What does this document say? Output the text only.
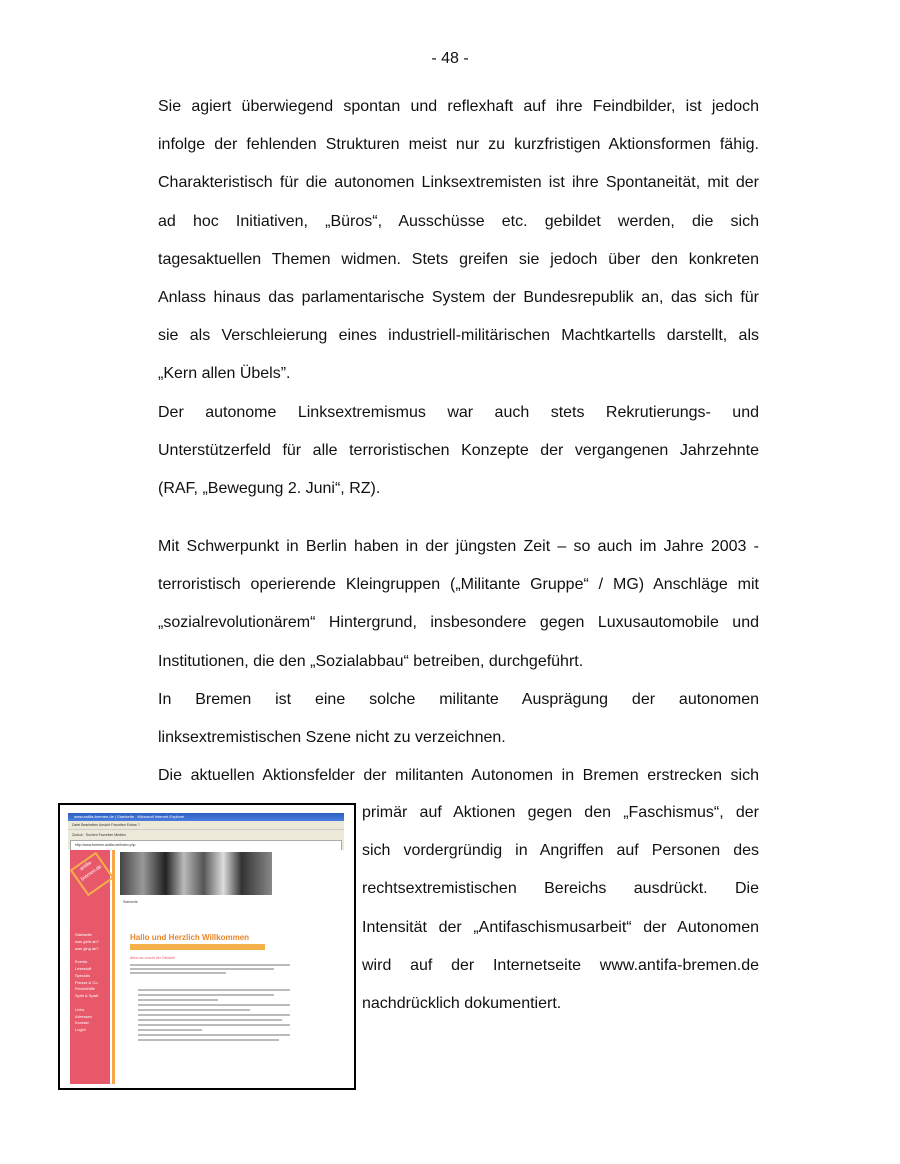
- 48 -
Sie agiert überwiegend spontan und reflexhaft auf ihre Feindbilder, ist jedoch
infolge der fehlenden Strukturen meist nur zu kurzfristigen Aktionsformen fähig.
Charakteristisch für die autonomen Linksextremisten ist ihre Spontaneität, mit der
ad hoc Initiativen, „Büros“, Ausschüsse etc. gebildet werden, die sich
tagesaktuellen Themen widmen. Stets greifen sie jedoch über den konkreten
Anlass hinaus das parlamentarische System der Bundesrepublik an, das sich für
sie als Verschleierung eines industriell-militärischen Machtkartells darstellt, als
„Kern allen Übels”.
Der autonome Linksextremismus war auch stets Rekrutierungs- und
Unterstützerfeld für alle terroristischen Konzepte der vergangenen Jahrzehnte
(RAF, „Bewegung 2. Juni“, RZ).
Mit Schwerpunkt in Berlin haben in der jüngsten Zeit – so auch im Jahre 2003 -
terroristisch operierende Kleingruppen („Militante Gruppe“ / MG) Anschläge mit
„sozialrevolutionärem“ Hintergrund, insbesondere gegen Luxusautomobile und
Institutionen, die den „Sozialabbau“ betreiben, durchgeführt.
In Bremen ist eine solche militante Ausprägung der autonomen
linksextremistischen Szene nicht zu verzeichnen.
Die aktuellen Aktionsfelder der militanten Autonomen in Bremen erstrecken sich
primär auf Aktionen gegen den „Faschismus“, der
sich vordergründig in Angriffen auf Personen des
rechtsextremistischen Bereichs ausdrückt. Die
Intensität der „Antifaschismusarbeit“ der Autonomen
wird auf der Internetseite www.antifa-bremen.de
nachdrücklich dokumentiert.
www.antifa-bremen.de | Startseite - Microsoft Internet Explorer
Datei Bearbeiten Ansicht Favoriten Extras ?
Zurück · Suchen Favoriten Medien
http://www.bremen.antifa.net/index.php
antifa-bremen.de
Startseite
was geht ab?
was ging ab?
Events
Lesestoff
Specials
Presse & Co.
Rechtshilfe
Spiel & Spaß
Links
Adressen
Kontakt
Login!
Startseite
Hallo und Herzlich Willkommen
Alles neu macht der Oktober!
